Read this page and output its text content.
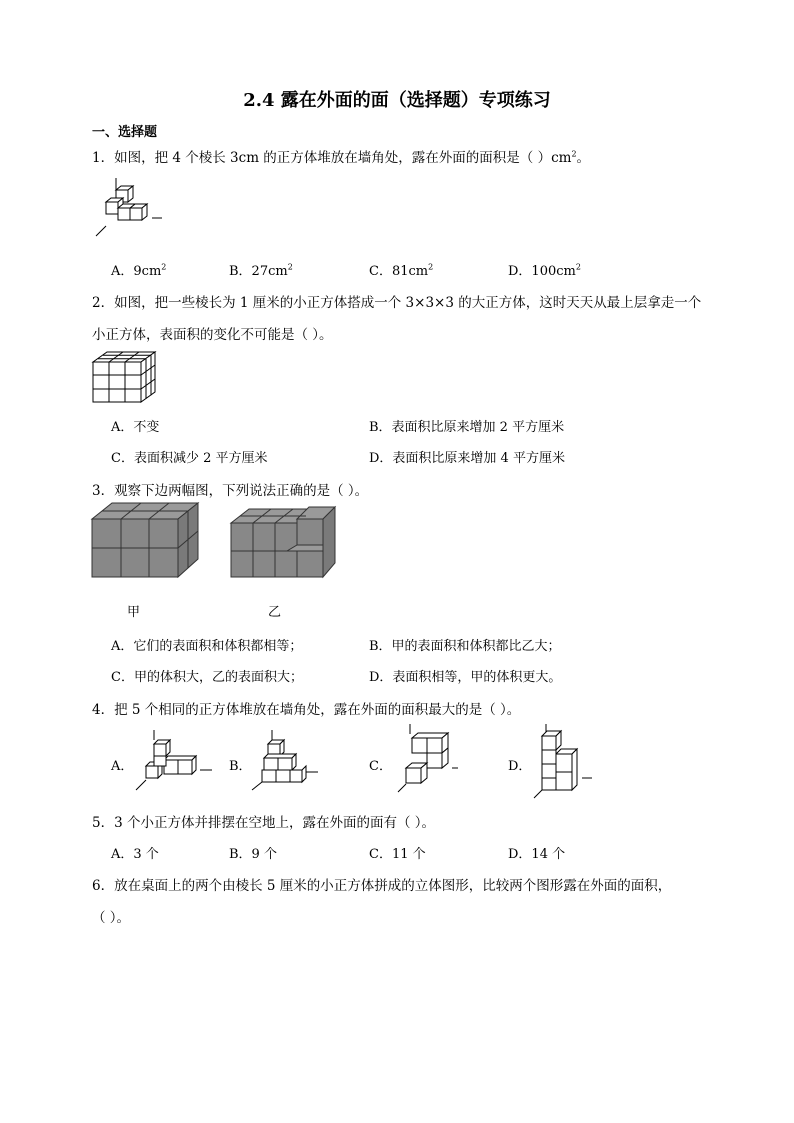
2.4 露在外面的面（选择题）专项练习
一、选择题
1．如图，把 4 个棱长 3cm 的正方体堆放在墙角处，露在外面的面积是（ ）$cm^2$。
A．$9cm^2$	B．$27cm^2$	C．$81cm^2$	D．$100cm^2$
2．如图，把一些棱长为 1 厘米的小正方体搭成一个 3×3×3 的大正方体，这时天天从最上层拿走一个
小正方体，表面积的变化不可能是（ ）。
A．不变	B．表面积比原来增加 2 平方厘米
C．表面积减少 2 平方厘米	D．表面积比原来增加 4 平方厘米
3．观察下边两幅图，下列说法正确的是（ ）。
甲	乙
A．它们的表面积和体积都相等；	B．甲的表面积和体积都比乙大；
C．甲的体积大，乙的表面积大；	D．表面积相等，甲的体积更大。
4．把 5 个相同的正方体堆放在墙角处，露在外面的面积最大的是（ ）。
A．	B．	C．	D．
5．3 个小正方体并排摆在空地上，露在外面的面有（ ）。
A．3 个	B．9 个	C．11 个	D．14 个
6．放在桌面上的两个由棱长 5 厘米的小正方体拼成的立体图形，比较两个图形露在外面的面积，
（ ）。
